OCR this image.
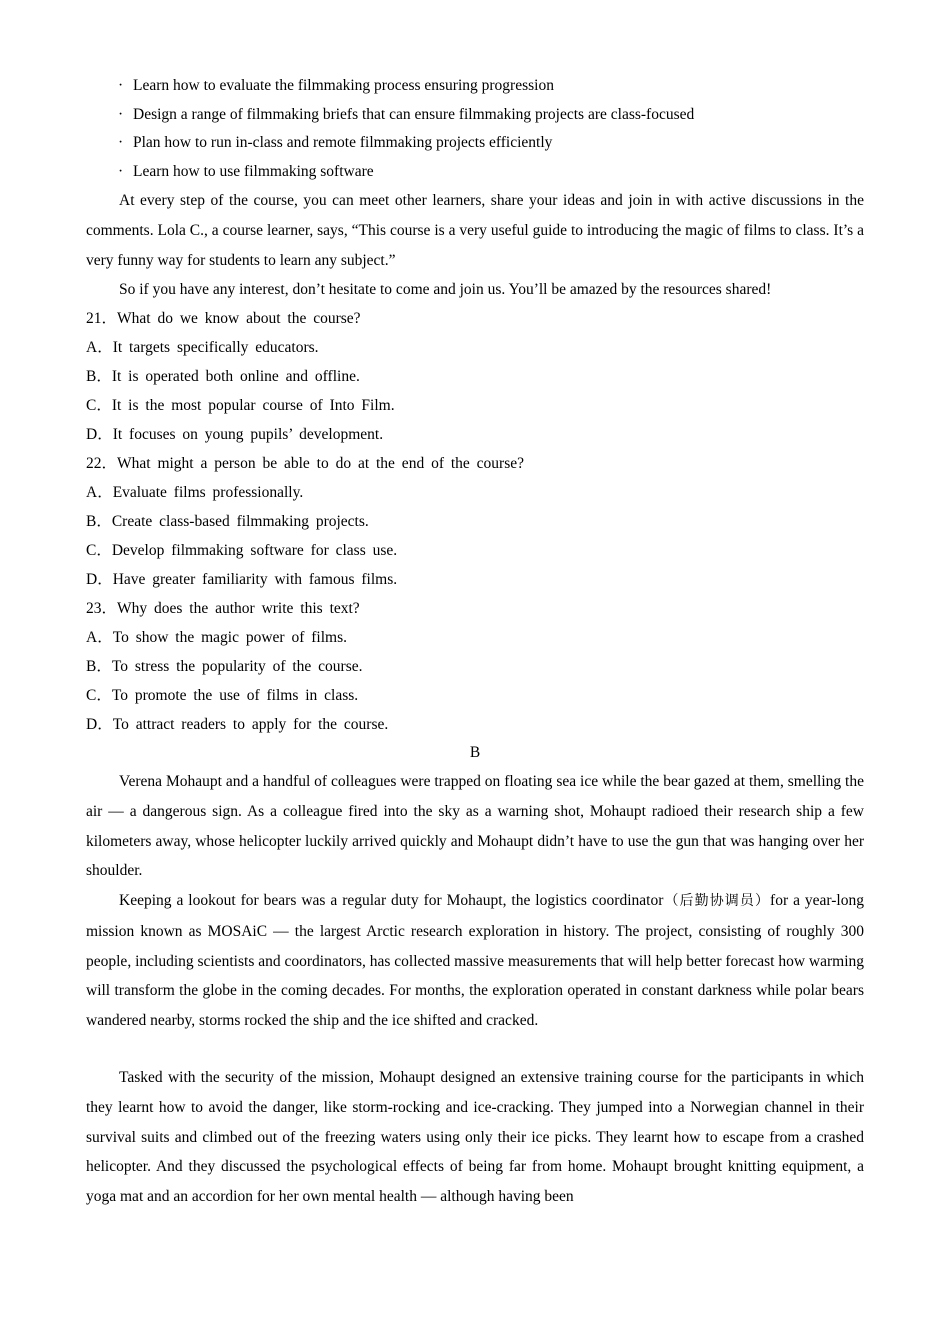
· Learn how to evaluate the filmmaking process ensuring progression
· Design a range of filmmaking briefs that can ensure filmmaking projects are class-focused
· Plan how to run in-class and remote filmmaking projects efficiently
· Learn how to use filmmaking software

At every step of the course, you can meet other learners, share your ideas and join in with active discussions in the comments. Lola C., a course learner, says, “This course is a very useful guide to introducing the magic of films to class. It’s a very funny way for students to learn any subject.”

So if you have any interest, don’t hesitate to come and join us. You’ll be amazed by the resources shared!

21．What do we know about the course?
A．It targets specifically educators.
B．It is operated both online and offline.
C．It is the most popular course of Into Film.
D．It focuses on young pupils’ development.
22．What might a person be able to do at the end of the course?
A．Evaluate films professionally.
B．Create class-based filmmaking projects.
C．Develop filmmaking software for class use.
D．Have greater familiarity with famous films.
23．Why does the author write this text?
A．To show the magic power of films.
B．To stress the popularity of the course.
C．To promote the use of films in class.
D．To attract readers to apply for the course.
B

Verena Mohaupt and a handful of colleagues were trapped on floating sea ice while the bear gazed at them, smelling the air — a dangerous sign. As a colleague fired into the sky as a warning shot, Mohaupt radioed their research ship a few kilometers away, whose helicopter luckily arrived quickly and Mohaupt didn’t have to use the gun that was hanging over her shoulder.

Keeping a lookout for bears was a regular duty for Mohaupt, the logistics coordinator（后勤协调员）for a year-long mission known as MOSAiC — the largest Arctic research exploration in history. The project, consisting of roughly 300 people, including scientists and coordinators, has collected massive measurements that will help better forecast how warming will transform the globe in the coming decades. For months, the exploration operated in constant darkness while polar bears wandered nearby, storms rocked the ship and the ice shifted and cracked.

Tasked with the security of the mission, Mohaupt designed an extensive training course for the participants in which they learnt how to avoid the danger, like storm-rocking and ice-cracking. They jumped into a Norwegian channel in their survival suits and climbed out of the freezing waters using only their ice picks. They learnt how to escape from a crashed helicopter. And they discussed the psychological effects of being far from home. Mohaupt brought knitting equipment, a yoga mat and an accordion for her own mental health — although having been
